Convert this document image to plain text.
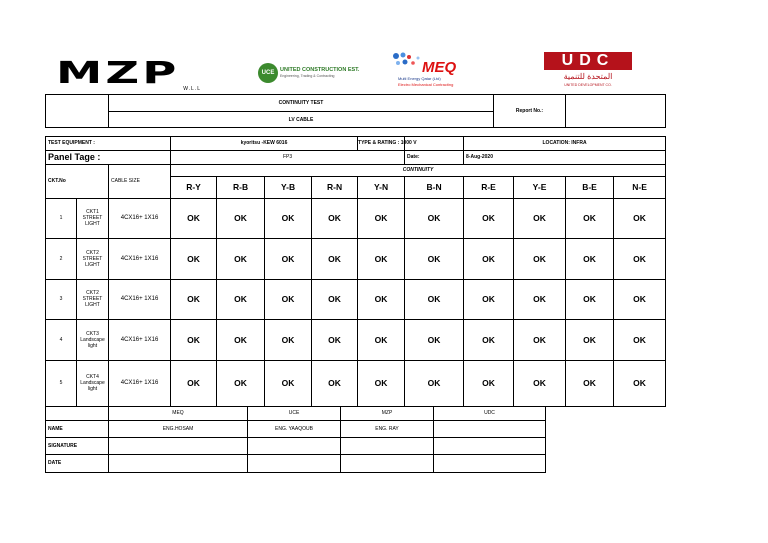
MZP W.L.L
UCE	UNITED CONSTRUCTION EST.
Engineering, Trading & Contracting	MEQ
Multi Energy Qatar (Ltd)
Electro Mechanical Contracting
UDC
المتحدة للتنمية
UNITED DEVELOPMENT CO.
	CONTINUITY TEST	Report No.:	
LV CABLE

TEST EQUIPMENT :			kyoritsu -KEW 6016				TYPE & RATING : 1000 V		LOCATION: INFRA			
Panel Tage :			FP3					Date:	8-Aug-2020			
CKT.No		CABLE SIZE	CONTINUITY									
			R-Y	R-B	Y-B	R-N	Y-N	B-N	R-E	Y-E	B-E	N-E
1	CKT1 STREET LIGHT	4CX16+ 1X16	OK	OK	OK	OK	OK	OK	OK	OK	OK	OK
2	CKT2 STREET LIGHT	4CX16+ 1X16	OK	OK	OK	OK	OK	OK	OK	OK	OK	OK
3	CKT2 STREET LIGHT	4CX16+ 1X16	OK	OK	OK	OK	OK	OK	OK	OK	OK	OK
4	CKT3 Landscape light	4CX16+ 1X16	OK	OK	OK	OK	OK	OK	OK	OK	OK	OK
5	CKT4 Landscape light	4CX16+ 1X16	OK	OK	OK	OK	OK	OK	OK	OK	OK	OK
	MEQ	UCE	MZP	UDC
NAME	ENG.HOSAM	ENG. YAAQOUB	ENG. RAY	
SIGNATURE				
DATE				
